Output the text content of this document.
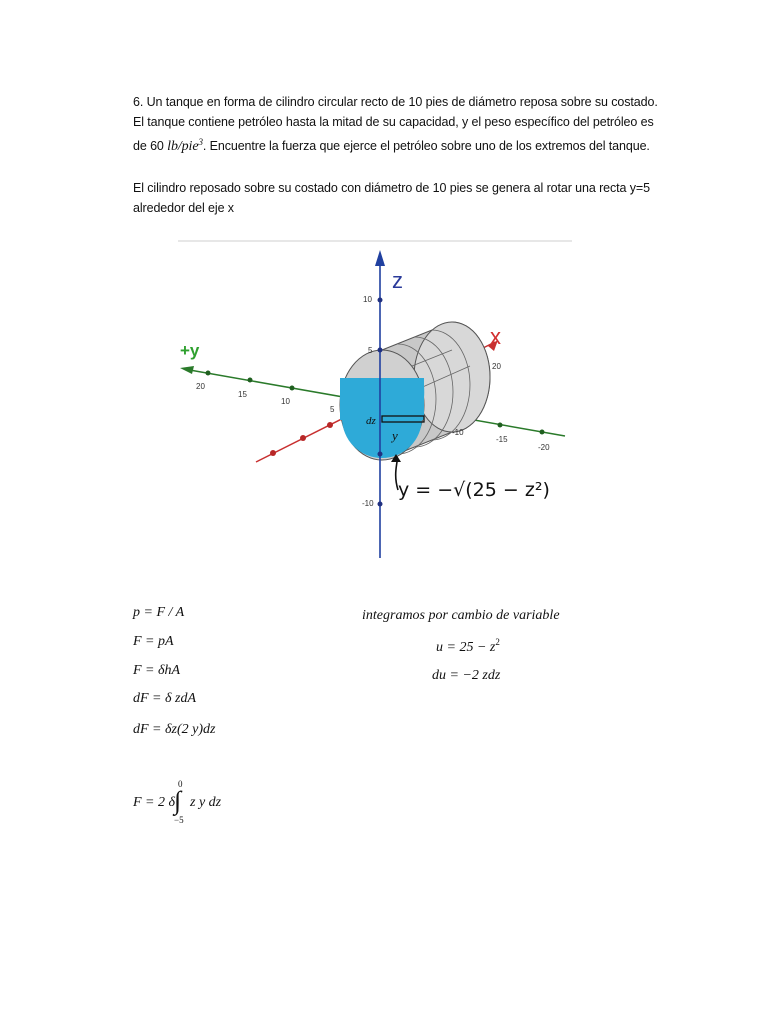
6. Un tanque en forma de cilindro circular recto de 10 pies de diámetro reposa sobre su costado. El tanque contiene petróleo hasta la mitad de su capacidad, y el peso específico del petróleo es de 60 lb/pie$^3$. Encuentre la fuerza que ejerce el petróleo sobre uno de los extremos del tanque.
El cilindro reposado sobre su costado con diámetro de 10 pies se genera al rotar una recta y=5 alrededor del eje x
+y
x
z
10
5
-10
20
15
10
5
20
-10
-15
-20
dz
y
y = −√(25 − z²)
p = F / A
F = pA
F = δhA
dF = δ zdA
dF = δz(2 y)dz
F = 2 δ
∫
0
−5
z y dz
integramos por cambio de variable
$u = 25 - z^2$
du = −2 zdz
